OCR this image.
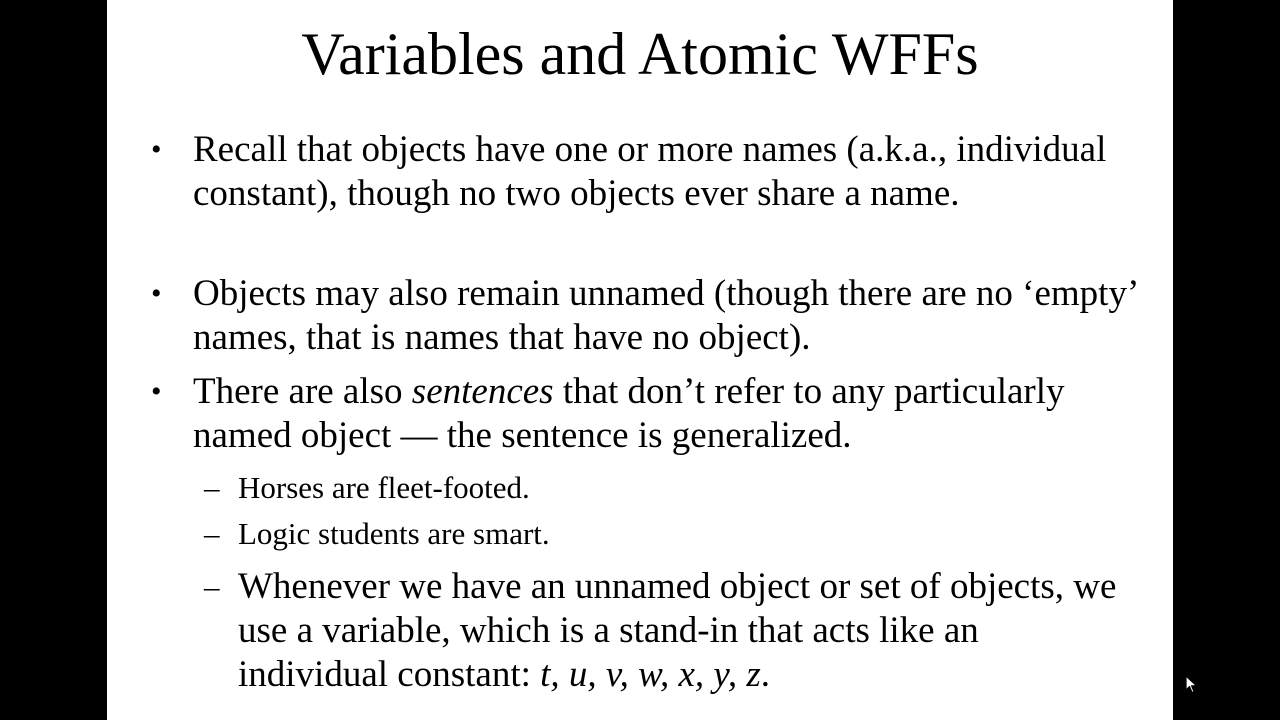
Variables and Atomic WFFs
• Recall that objects have one or more names (a.k.a., individual constant), though no two objects ever share a name.
• Objects may also remain unnamed (though there are no ‘empty’ names, that is names that have no object).
• There are also sentences that don’t refer to any particularly named object — the sentence is generalized.
– Horses are fleet-footed.
– Logic students are smart.
– Whenever we have an unnamed object or set of objects, we use a variable, which is a stand-in that acts like an individual constant: t, u, v, w, x, y, z.
